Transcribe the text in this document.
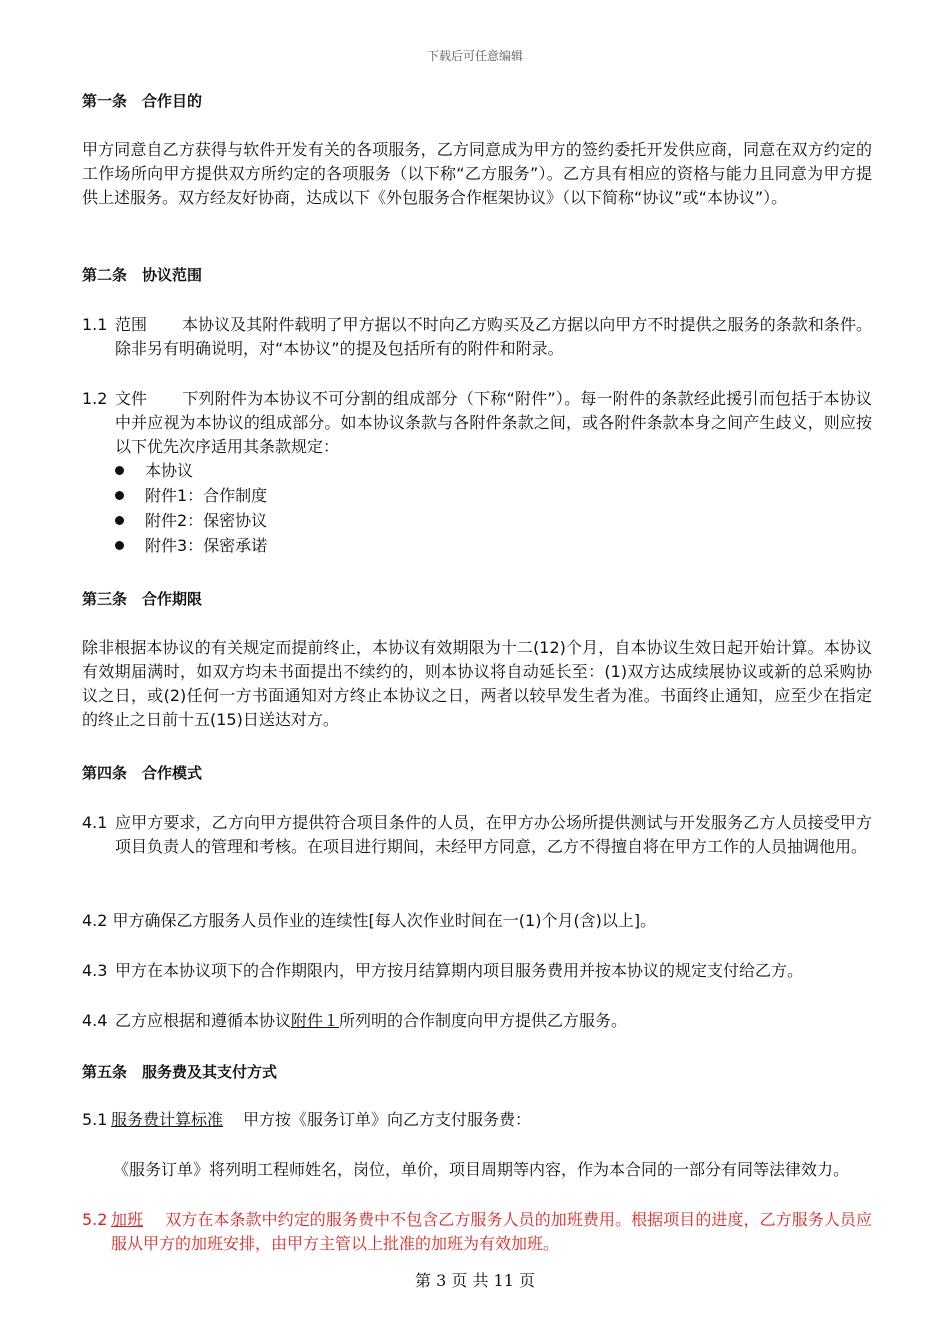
下载后可任意编辑
第一条　合作目的
甲方同意自乙方获得与软件开发有关的各项服务，乙方同意成为甲方的签约委托开发供应商，同意在双方约定的工作场所向甲方提供双方所约定的各项服务（以下称“乙方服务”）。乙方具有相应的资格与能力且同意为甲方提供上述服务。双方经友好协商，达成以下《外包服务合作框架协议》（以下简称“协议”或“本协议”）。
第二条　协议范围
1.1 范围 本协议及其附件载明了甲方据以不时向乙方购买及乙方据以向甲方不时提供之服务的条款和条件。除非另有明确说明，对“本协议”的提及包括所有的附件和附录。
1.2 文件 下列附件为本协议不可分割的组成部分（下称“附件”）。每一附件的条款经此援引而包括于本协议中并应视为本协议的组成部分。如本协议条款与各附件条款之间，或各附件条款本身之间产生歧义，则应按以下优先次序适用其条款规定：
本协议
附件1：合作制度
附件2：保密协议
附件3：保密承诺
第三条　合作期限
除非根据本协议的有关规定而提前终止，本协议有效期限为十二(12)个月，自本协议生效日起开始计算。本协议有效期届满时，如双方均未书面提出不续约的，则本协议将自动延长至：(1)双方达成续展协议或新的总采购协议之日，或(2)任何一方书面通知对方终止本协议之日，两者以较早发生者为准。书面终止通知，应至少在指定的终止之日前十五(15)日送达对方。
第四条　合作模式
4.1 应甲方要求，乙方向甲方提供符合项目条件的人员，在甲方办公场所提供测试与开发服务乙方人员接受甲方项目负责人的管理和考核。在项目进行期间，未经甲方同意，乙方不得擅自将在甲方工作的人员抽调他用。
4.2 甲方确保乙方服务人员作业的连续性[每人次作业时间在一(1)个月(含)以上]。
4.3 甲方在本协议项下的合作期限内，甲方按月结算期内项目服务费用并按本协议的规定支付给乙方。
4.4 乙方应根据和遵循本协议附件１所列明的合作制度向甲方提供乙方服务。
第五条　服务费及其支付方式
5.1 服务费计算标准 甲方按《服务订单》向乙方支付服务费：
《服务订单》将列明工程师姓名，岗位，单价，项目周期等内容，作为本合同的一部分有同等法律效力。
5.2 加班 双方在本条款中约定的服务费中不包含乙方服务人员的加班费用。根据项目的进度，乙方服务人员应服从甲方的加班安排，由甲方主管以上批准的加班为有效加班。
第 3 页 共 11 页
